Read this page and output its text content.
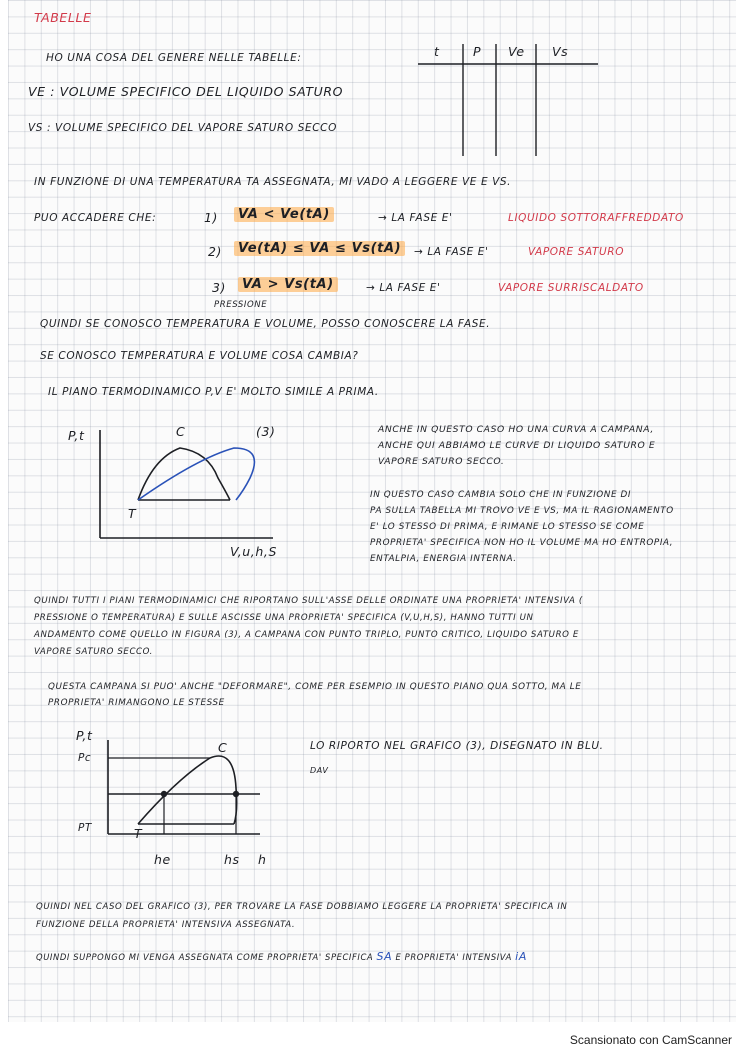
TABELLE
HO UNA COSA DEL GENERE NELLE TABELLE:
VE : VOLUME SPECIFICO DEL LIQUIDO SATURO
VS : VOLUME SPECIFICO DEL VAPORE SATURO SECCO
t	P Ve Vs
IN FUNZIONE DI UNA TEMPERATURA TA ASSEGNATA, MI VADO A LEGGERE VE E VS.
PUO ACCADERE CHE:	1)	VA < Ve(tA)	→ LA FASE E'	LIQUIDO SOTTORAFFREDDATO
2)	Ve(tA) ≤ VA ≤ Vs(tA)	→ LA FASE E'	VAPORE SATURO
3)	VA > Vs(tA)	→ LA FASE E'	VAPORE SURRISCALDATO
PRESSIONE
QUINDI SE CONOSCO TEMPERATURA E VOLUME, POSSO CONOSCERE LA FASE.
SE CONOSCO TEMPERATURA E VOLUME COSA CAMBIA?
IL PIANO TERMODINAMICO P,V E' MOLTO SIMILE A PRIMA.
P,t	C	(3)
T
V,u,h,S
ANCHE IN QUESTO CASO HO UNA CURVA A CAMPANA,
ANCHE QUI ABBIAMO LE CURVE DI LIQUIDO SATURO E
VAPORE SATURO SECCO.
IN QUESTO CASO CAMBIA SOLO CHE IN FUNZIONE DI
PA SULLA TABELLA MI TROVO VE E VS, MA IL RAGIONAMENTO
E' LO STESSO DI PRIMA, E RIMANE LO STESSO SE COME
PROPRIETA' SPECIFICA NON HO IL VOLUME MA HO ENTROPIA,
ENTALPIA, ENERGIA INTERNA.
QUINDI TUTTI I PIANI TERMODINAMICI CHE RIPORTANO SULL'ASSE DELLE ORDINATE UNA PROPRIETA' INTENSIVA (
PRESSIONE O TEMPERATURA) E SULLE ASCISSE UNA PROPRIETA' SPECIFICA (V,U,H,S), HANNO TUTTI UN
ANDAMENTO COME QUELLO IN FIGURA (3), A CAMPANA CON PUNTO TRIPLO, PUNTO CRITICO, LIQUIDO SATURO E
VAPORE SATURO SECCO.
QUESTA CAMPANA SI PUO' ANCHE "DEFORMARE", COME PER ESEMPIO IN QUESTO PIANO QUA SOTTO, MA LE
PROPRIETA' RIMANGONO LE STESSE
P,t
Pc
PT
C
T
he	hs h
LO RIPORTO NEL GRAFICO (3), DISEGNATO IN BLU.
DAV
QUINDI NEL CASO DEL GRAFICO (3), PER TROVARE LA FASE DOBBIAMO LEGGERE LA PROPRIETA' SPECIFICA IN
FUNZIONE DELLA PROPRIETA' INTENSIVA ASSEGNATA.
QUINDI SUPPONGO MI VENGA ASSEGNATA COME PROPRIETA' SPECIFICA SA E PROPRIETA' INTENSIVA iA
Scansionato con CamScanner
